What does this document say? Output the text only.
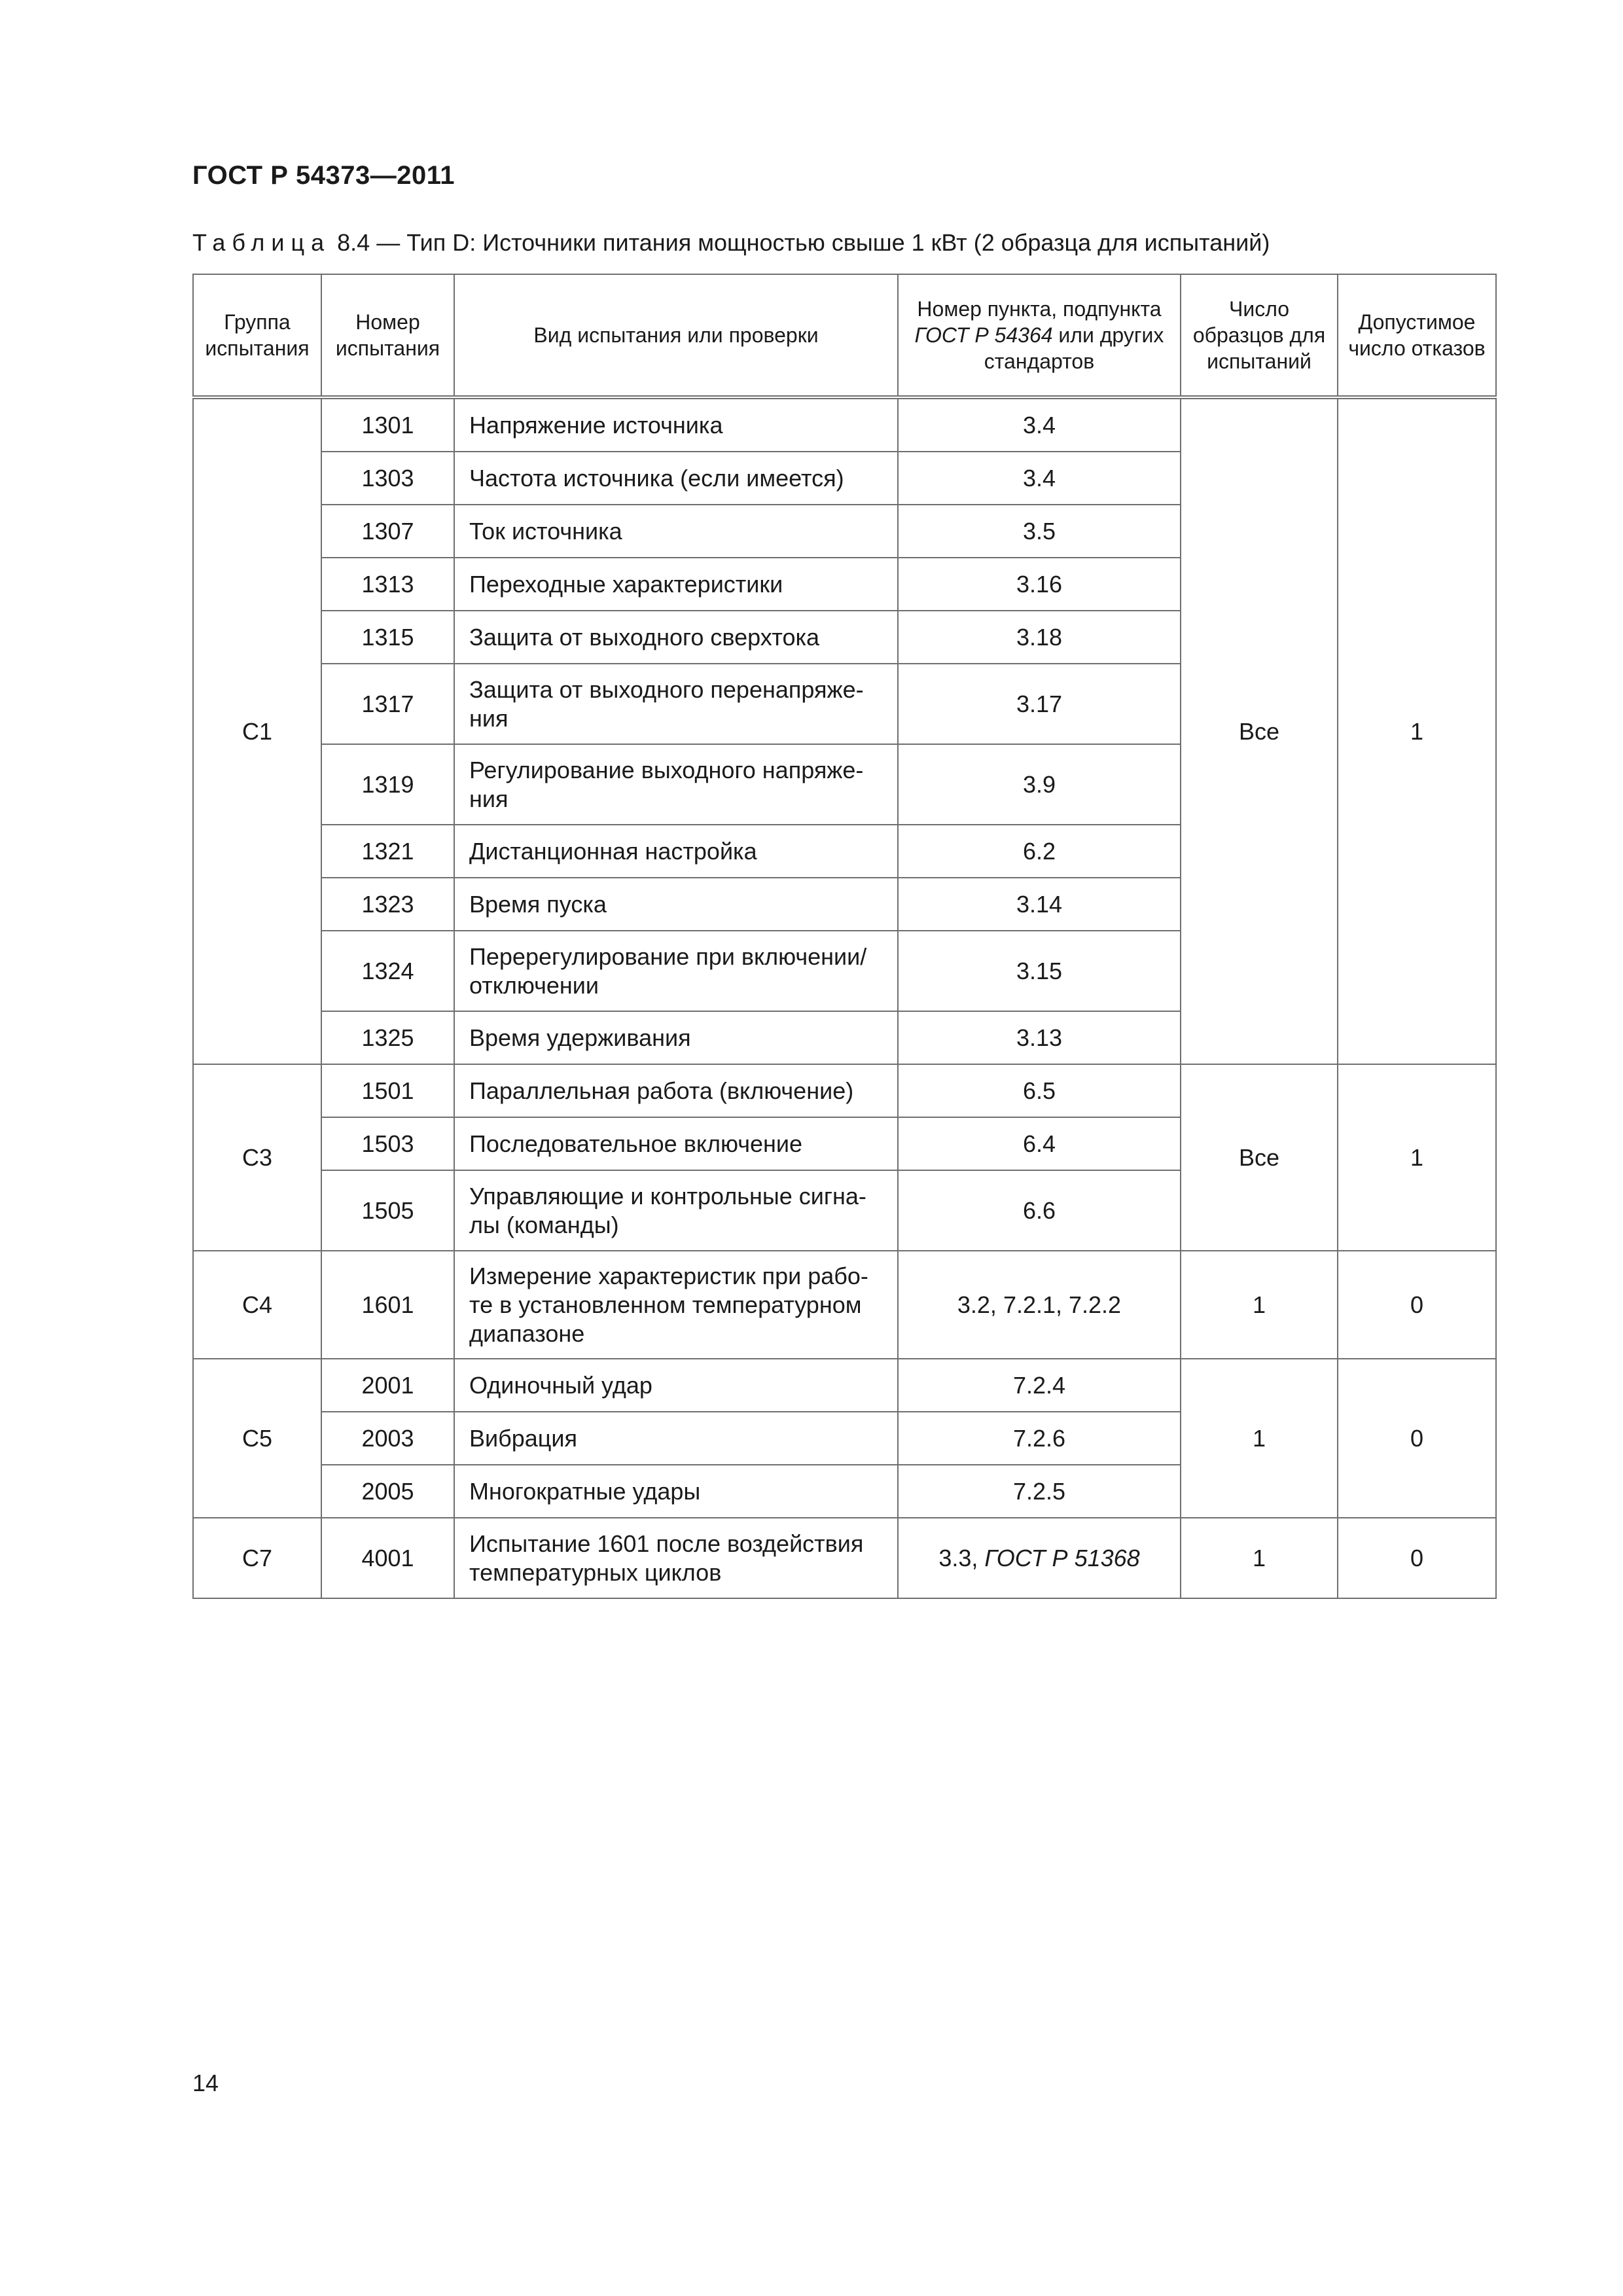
ГОСТ Р 54373—2011
Таблица 8.4 — Тип D: Источники питания мощностью свыше 1 кВт (2 образца для испытаний)
Группа испытания	Номер испытания	Вид испытания или проверки	Номер пункта, подпункта ГОСТ Р 54364 или других стандартов	Число образцов для испытаний	Допустимое число отказов
C1	1301	Напряжение источника	3.4	Все	1
	1303	Частота источника (если имеется)	3.4		
	1307	Ток источника	3.5		
	1313	Переходные характеристики	3.16		
	1315	Защита от выходного сверхтока	3.18		
	1317	Защита от выходного перенапряже-ния	3.17		
	1319	Регулирование выходного напряже-ния	3.9		
	1321	Дистанционная настройка	6.2		
	1323	Время пуска	3.14		
	1324	Перерегулирование при включении/ отключении	3.15		
	1325	Время удерживания	3.13		
C3	1501	Параллельная работа (включение)	6.5	Все	1
	1503	Последовательное включение	6.4		
	1505	Управляющие и контрольные сигна-лы (команды)	6.6		
C4	1601	Измерение характеристик при рабо-те в установленном температурном диапазоне	3.2, 7.2.1, 7.2.2	1	0
C5	2001	Одиночный удар	7.2.4	1	0
	2003	Вибрация	7.2.6		
	2005	Многократные удары	7.2.5		
C7	4001	Испытание 1601 после воздействия температурных циклов	3.3, ГОСТ Р 51368	1	0
14
